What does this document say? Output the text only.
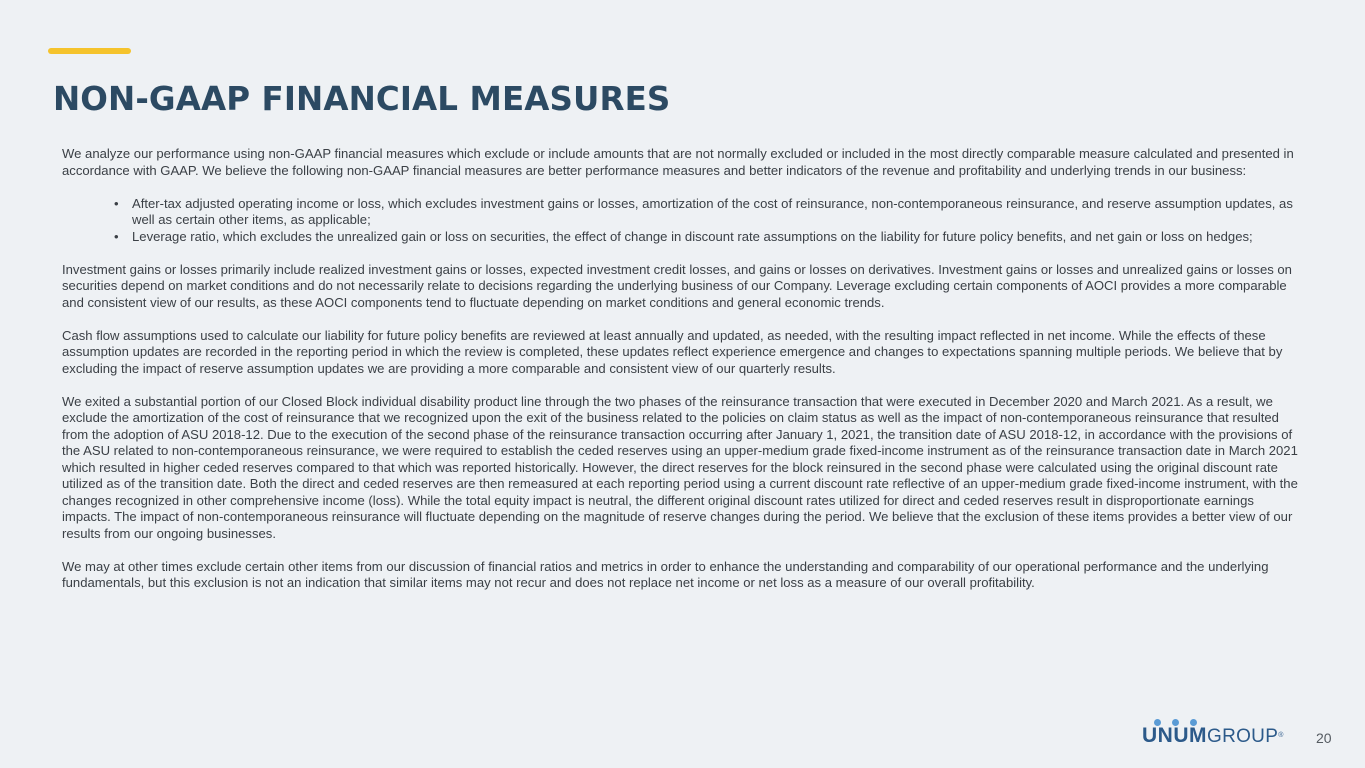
NON-GAAP FINANCIAL MEASURES

We analyze our performance using non-GAAP financial measures which exclude or include amounts that are not normally excluded or included in the most directly comparable measure calculated and presented in accordance with GAAP. We believe the following non-GAAP financial measures are better performance measures and better indicators of the revenue and profitability and underlying trends in our business:

• After-tax adjusted operating income or loss, which excludes investment gains or losses, amortization of the cost of reinsurance, non-contemporaneous reinsurance, and reserve assumption updates, as well as certain other items, as applicable;
• Leverage ratio, which excludes the unrealized gain or loss on securities, the effect of change in discount rate assumptions on the liability for future policy benefits, and net gain or loss on hedges;

Investment gains or losses primarily include realized investment gains or losses, expected investment credit losses, and gains or losses on derivatives. Investment gains or losses and unrealized gains or losses on securities depend on market conditions and do not necessarily relate to decisions regarding the underlying business of our Company. Leverage excluding certain components of AOCI provides a more comparable and consistent view of our results, as these AOCI components tend to fluctuate depending on market conditions and general economic trends.

Cash flow assumptions used to calculate our liability for future policy benefits are reviewed at least annually and updated, as needed, with the resulting impact reflected in net income. While the effects of these assumption updates are recorded in the reporting period in which the review is completed, these updates reflect experience emergence and changes to expectations spanning multiple periods. We believe that by excluding the impact of reserve assumption updates we are providing a more comparable and consistent view of our quarterly results.

We exited a substantial portion of our Closed Block individual disability product line through the two phases of the reinsurance transaction that were executed in December 2020 and March 2021. As a result, we exclude the amortization of the cost of reinsurance that we recognized upon the exit of the business related to the policies on claim status as well as the impact of non-contemporaneous reinsurance that resulted from the adoption of ASU 2018-12. Due to the execution of the second phase of the reinsurance transaction occurring after January 1, 2021, the transition date of ASU 2018-12, in accordance with the provisions of the ASU related to non-contemporaneous reinsurance, we were required to establish the ceded reserves using an upper-medium grade fixed-income instrument as of the reinsurance transaction date in March 2021 which resulted in higher ceded reserves compared to that which was reported historically. However, the direct reserves for the block reinsured in the second phase were calculated using the original discount rate utilized as of the transition date. Both the direct and ceded reserves are then remeasured at each reporting period using a current discount rate reflective of an upper-medium grade fixed-income instrument, with the changes recognized in other comprehensive income (loss). While the total equity impact is neutral, the different original discount rates utilized for direct and ceded reserves result in disproportionate earnings impacts. The impact of non-contemporaneous reinsurance will fluctuate depending on the magnitude of reserve changes during the period. We believe that the exclusion of these items provides a better view of our results from our ongoing businesses.

We may at other times exclude certain other items from our discussion of financial ratios and metrics in order to enhance the understanding and comparability of our operational performance and the underlying fundamentals, but this exclusion is not an indication that similar items may not recur and does not replace net income or net loss as a measure of our overall profitability.

UNUMGROUP® 20
